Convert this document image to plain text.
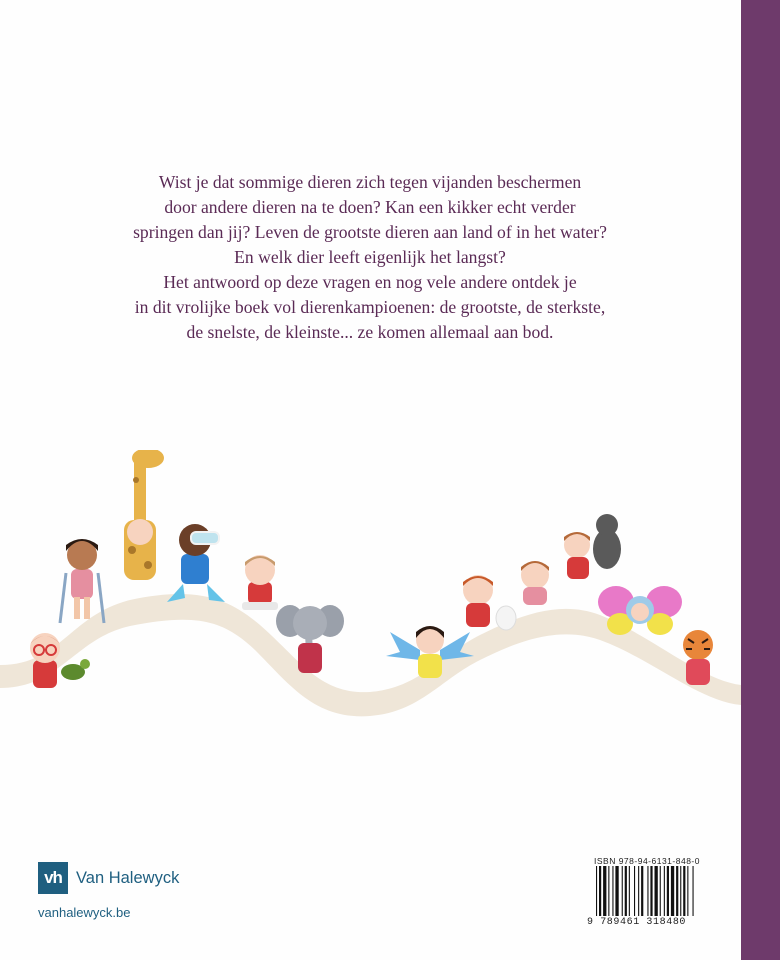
Wist je dat sommige dieren zich tegen vijanden beschermen

door andere dieren na te doen? Kan een kikker echt verder

springen dan jij? Leven de grootste dieren aan land of in het water?

En welk dier leeft eigenlijk het langst?

Het antwoord op deze vragen en nog vele andere ontdek je

in dit vrolijke boek vol dierenkampioenen: de grootste, de sterkste,

de snelste, de kleinste... ze komen allemaal aan bod.

vh Van Halewyck
vanhalewyck.be
ISBN 978-94-6131-848-0
9 789461 318480
